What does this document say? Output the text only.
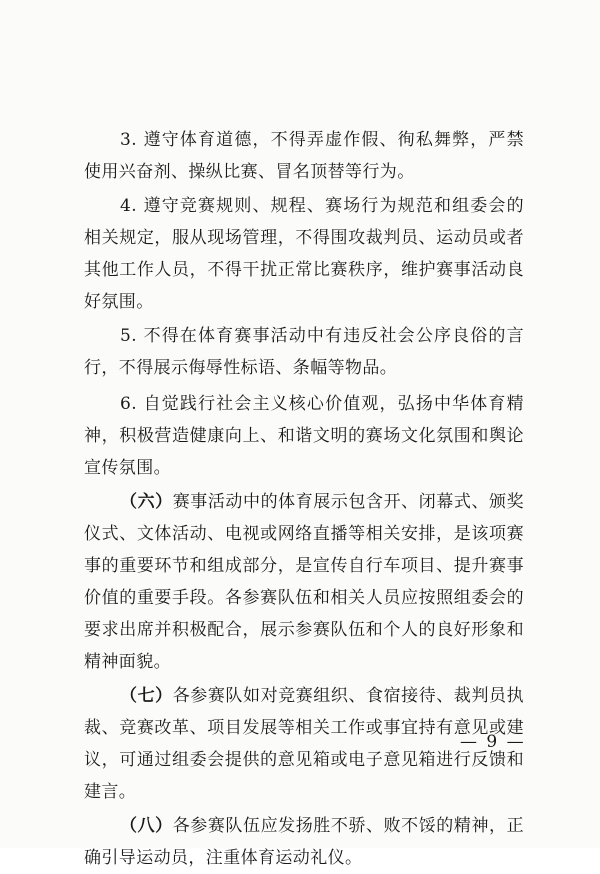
3. 遵守体育道德，不得弄虚作假、徇私舞弊，严禁使用兴奋剂、操纵比赛、冒名顶替等行为。

4. 遵守竞赛规则、规程、赛场行为规范和组委会的相关规定，服从现场管理，不得围攻裁判员、运动员或者其他工作人员，不得干扰正常比赛秩序，维护赛事活动良好氛围。

5. 不得在体育赛事活动中有违反社会公序良俗的言行，不得展示侮辱性标语、条幅等物品。

6. 自觉践行社会主义核心价值观，弘扬中华体育精神，积极营造健康向上、和谐文明的赛场文化氛围和舆论宣传氛围。

（六）赛事活动中的体育展示包含开、闭幕式、颁奖仪式、文体活动、电视或网络直播等相关安排，是该项赛事的重要环节和组成部分，是宣传自行车项目、提升赛事价值的重要手段。各参赛队伍和相关人员应按照组委会的要求出席并积极配合，展示参赛队伍和个人的良好形象和精神面貌。

（七）各参赛队如对竞赛组织、食宿接待、裁判员执裁、竞赛改革、项目发展等相关工作或事宜持有意见或建议，可通过组委会提供的意见箱或电子意见箱进行反馈和建言。

（八）各参赛队伍应发扬胜不骄、败不馁的精神，正确引导运动员，注重体育运动礼仪。

— 9 —
